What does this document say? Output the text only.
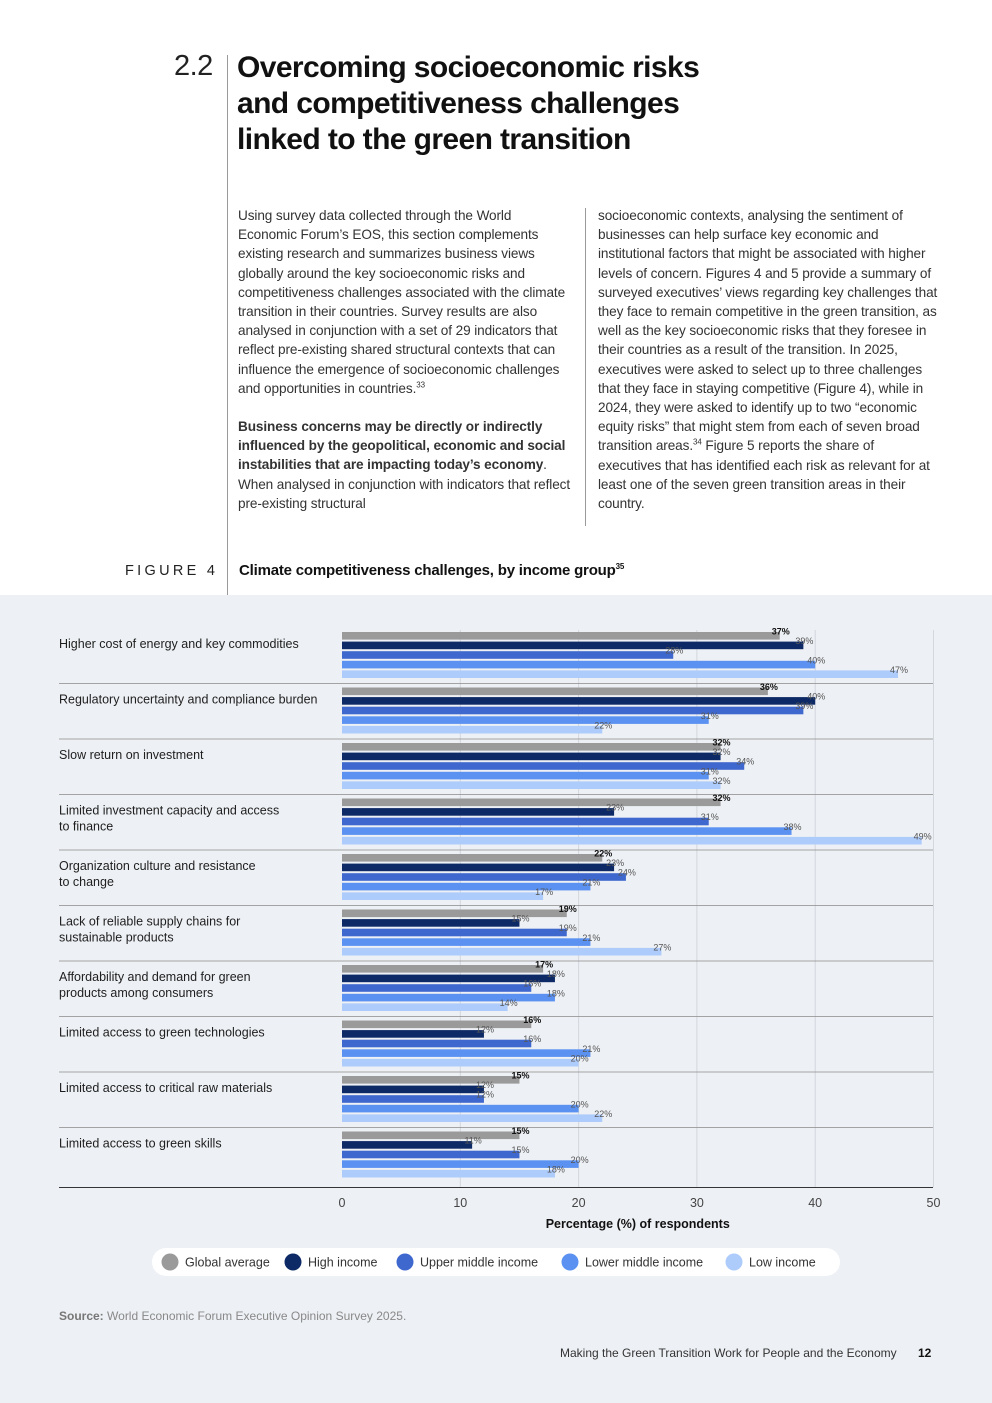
2.2 Overcoming socioeconomic risks
and competitiveness challenges
linked to the green transition

Using survey data collected through the World Economic Forum’s EOS, this section complements existing research and summarizes business views globally around the key socioeconomic risks and competitiveness challenges associated with the climate transition in their countries. Survey results are also analysed in conjunction with a set of 29 indicators that reflect pre-existing shared structural contexts that can influence the emergence of socioeconomic challenges and opportunities in countries.$^{33}$

Business concerns may be directly or indirectly influenced by the geopolitical, economic and social instabilities that are impacting today’s economy. When analysed in conjunction with indicators that reflect pre-existing structural

socioeconomic contexts, analysing the sentiment of businesses can help surface key economic and institutional factors that might be associated with higher levels of concern. Figures 4 and 5 provide a summary of surveyed executives’ views regarding key challenges that they face to remain competitive in the green transition, as well as the key socioeconomic risks that they foresee in their countries as a result of the transition. In 2025, executives were asked to select up to three challenges that they face in staying competitive (Figure 4), while in 2024, they were asked to identify up to two “economic equity risks” that might stem from each of seven broad transition areas.$^{34}$ Figure 5 reports the share of executives that has identified each risk as relevant for at least one of the seven green transition areas in their country.

FIGURE 4 Climate competitiveness challenges, by income group$^{35}$
Higher cost of energy and key commodities
Regulatory uncertainty and compliance burden
Slow return on investment
Limited investment capacity and access
to finance
Organization culture and resistance
to change
Lack of reliable supply chains for
sustainable products
Affordability and demand for green
products among consumers
Limited access to green technologies
Limited access to critical raw materials
Limited access to green skills
37%
36%
32%
32%
22%
19%
17%
16%
15%
15%
39%
40%
32%
23%
23%
15%
18%
12%
12%
11%
28%
39%
34%
31%
24%
19%
16%
16%
12%
15%
40%
31%
31%
38%
21%
21%
18%
21%
20%
20%
47%
22%
32%
49%
17%
27%
14%
20%
22%
18%
0	10	20	30	40	50
Percentage (%) of respondents
Global average	High income	Upper middle income	Lower middle income	Low income
Source: World Economic Forum Executive Opinion Survey 2025.
Making the Green Transition Work for People and the Economy 12
